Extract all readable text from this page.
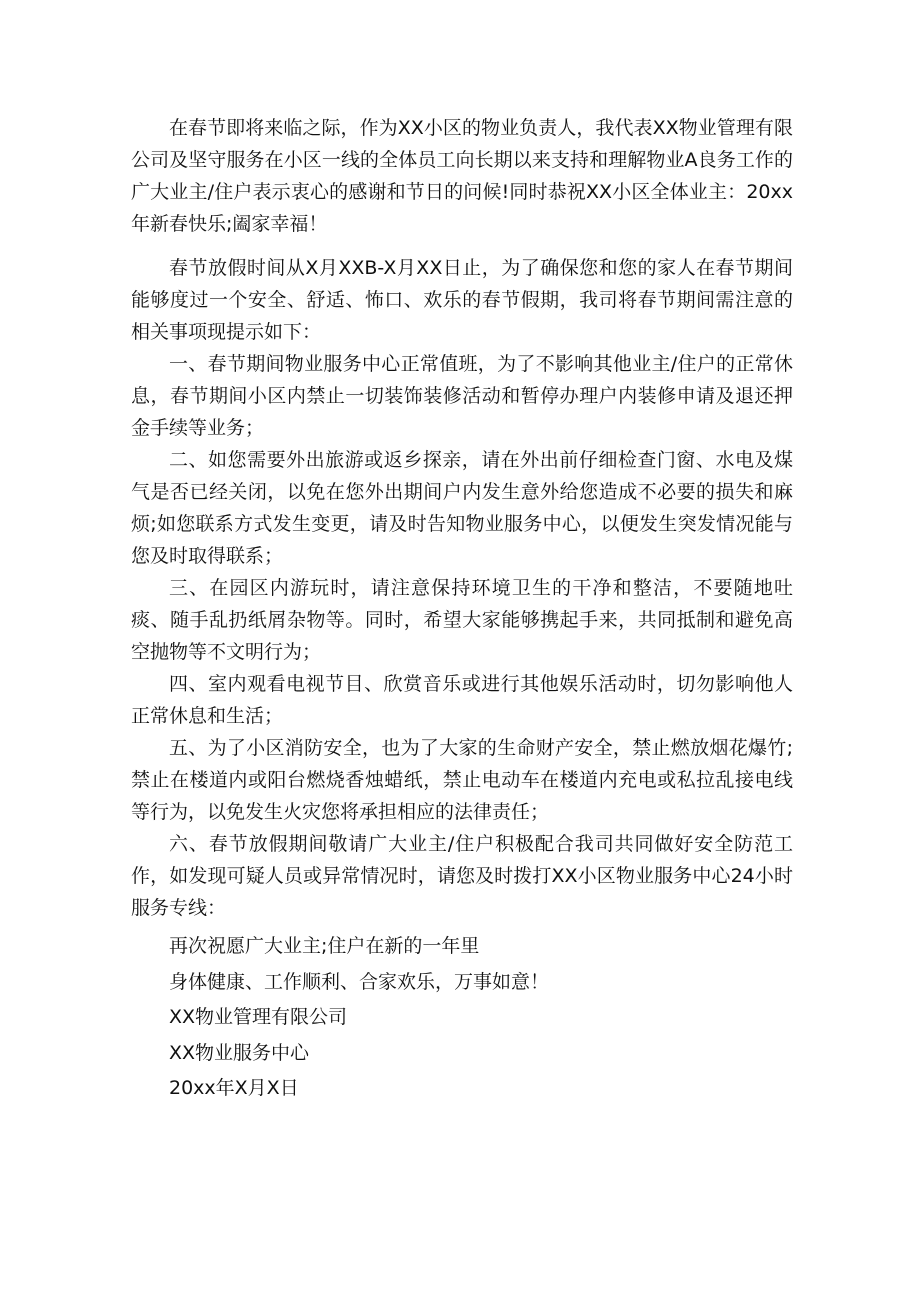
在春节即将来临之际，作为XX小区的物业负责人，我代表XX物业管理有限公司及坚守服务在小区一线的全体员工向长期以来支持和理解物业A良务工作的广大业主/住户表示衷心的感谢和节日的问候!同时恭祝XX小区全体业主：20xx年新春快乐;阖家幸福！

春节放假时间从X月XXB-X月XX日止，为了确保您和您的家人在春节期间能够度过一个安全、舒适、怖口、欢乐的春节假期，我司将春节期间需注意的相关事项现提示如下：

一、春节期间物业服务中心正常值班，为了不影响其他业主/住户的正常休息，春节期间小区内禁止一切装饰装修活动和暂停办理户内装修申请及退还押金手续等业务；

二、如您需要外出旅游或返乡探亲，请在外出前仔细检查门窗、水电及煤气是否已经关闭，以免在您外出期间户内发生意外给您造成不必要的损失和麻烦;如您联系方式发生变更，请及时告知物业服务中心，以便发生突发情况能与您及时取得联系；

三、在园区内游玩时，请注意保持环境卫生的干净和整洁，不要随地吐痰、随手乱扔纸屑杂物等。同时，希望大家能够携起手来，共同抵制和避免高空抛物等不文明行为；

四、室内观看电视节目、欣赏音乐或进行其他娱乐活动时，切勿影响他人正常休息和生活；

五、为了小区消防安全，也为了大家的生命财产安全，禁止燃放烟花爆竹;禁止在楼道内或阳台燃烧香烛蜡纸，禁止电动车在楼道内充电或私拉乱接电线等行为，以免发生火灾您将承担相应的法律责任；

六、春节放假期间敬请广大业主/住户积极配合我司共同做好安全防范工作，如发现可疑人员或异常情况时，请您及时拨打XX小区物业服务中心24小时服务专线：

再次祝愿广大业主;住户在新的一年里

身体健康、工作顺利、合家欢乐，万事如意！

XX物业管理有限公司

XX物业服务中心

20xx年X月X日
